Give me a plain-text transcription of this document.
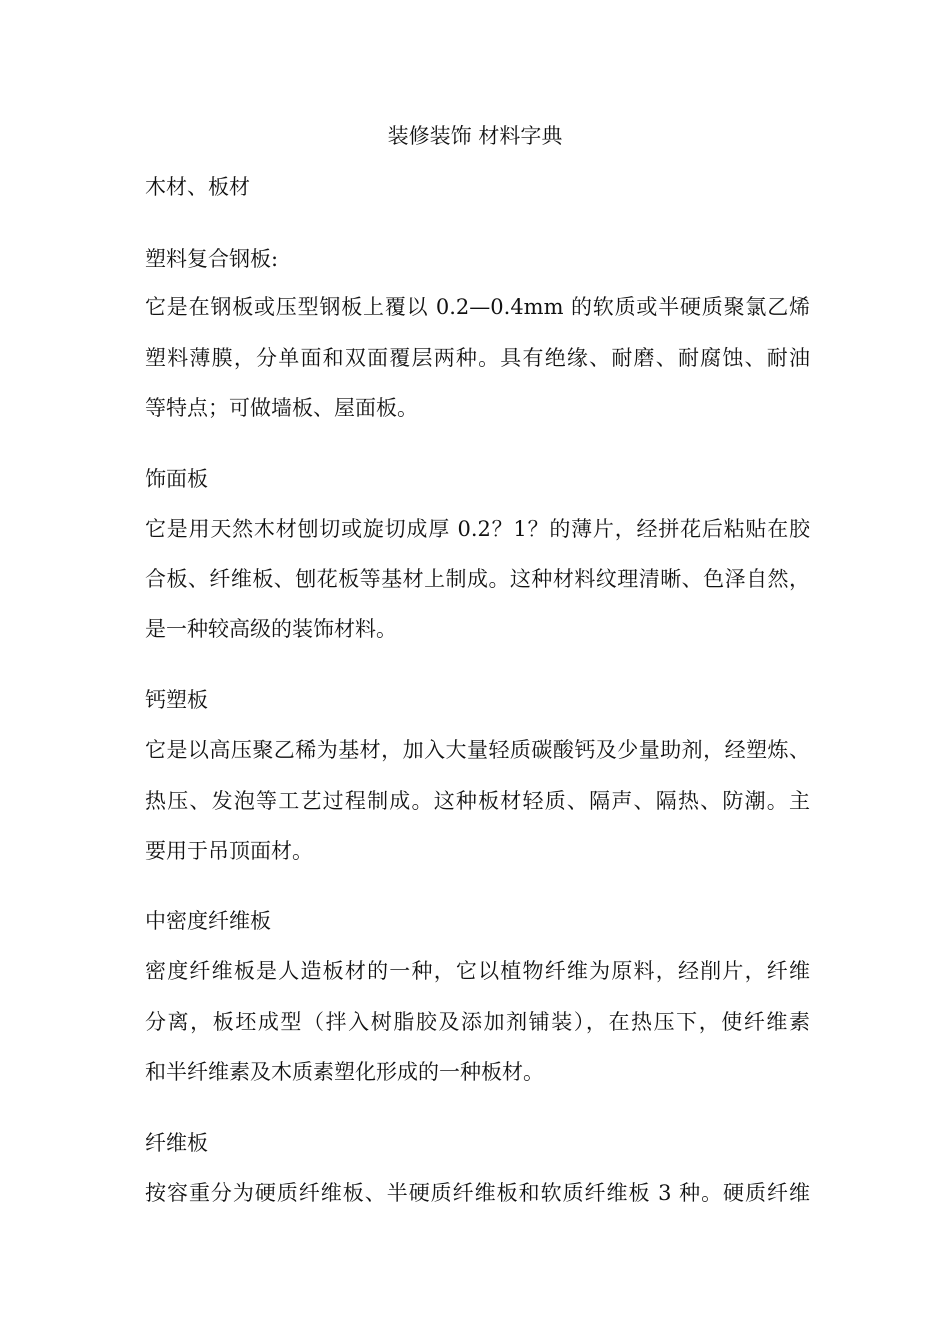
装修装饰 材料字典
木材、板材
塑料复合钢板:
它是在钢板或压型钢板上覆以 0.2—0.4mm 的软质或半硬质聚氯乙烯
塑料薄膜，分单面和双面覆层两种。具有绝缘、耐磨、耐腐蚀、耐油
等特点；可做墙板、屋面板。
饰面板
它是用天然木材刨切或旋切成厚 0.2？1？的薄片，经拼花后粘贴在胶
合板、纤维板、刨花板等基材上制成。这种材料纹理清晰、色泽自然，
是一种较高级的装饰材料。
钙塑板
它是以高压聚乙稀为基材，加入大量轻质碳酸钙及少量助剂，经塑炼、
热压、发泡等工艺过程制成。这种板材轻质、隔声、隔热、防潮。主
要用于吊顶面材。
中密度纤维板
密度纤维板是人造板材的一种，它以植物纤维为原料，经削片，纤维
分离，板坯成型（拌入树脂胶及添加剂铺装），在热压下，使纤维素
和半纤维素及木质素塑化形成的一种板材。
纤维板
按容重分为硬质纤维板、半硬质纤维板和软质纤维板 3 种。硬质纤维
